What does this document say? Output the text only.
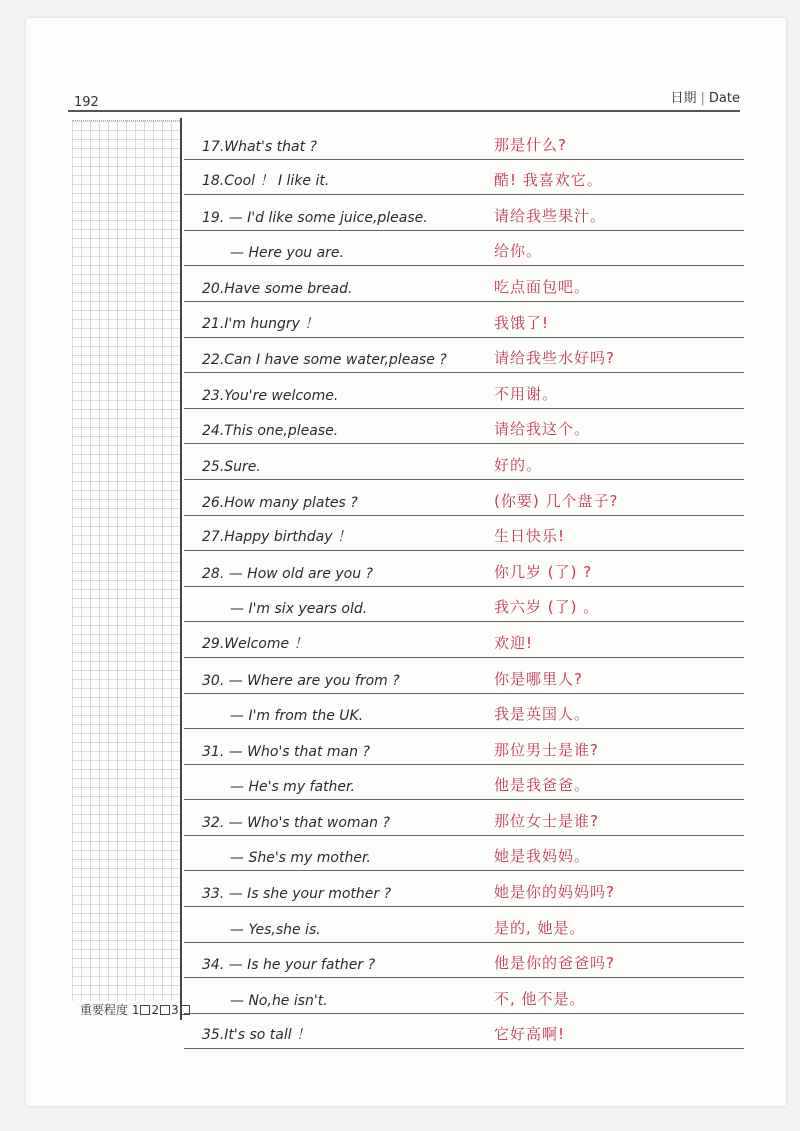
192	日期 | Date
重要程度 1 2 3
17.What's that ?	那是什么?
18.Cool ！ I like it.	酷! 我喜欢它。
19. — I'd like some juice,please.	请给我些果汁。
— Here you are.	给你。
20.Have some bread.	吃点面包吧。
21.I'm hungry ！	我饿了!
22.Can I have some water,please ?	请给我些水好吗?
23.You're welcome.	不用谢。
24.This one,please.	请给我这个。
25.Sure.	好的。
26.How many plates ?	(你要) 几个盘子?
27.Happy birthday ！	生日快乐!
28. — How old are you ?	你几岁 (了) ?
— I'm six years old.	我六岁 (了) 。
29.Welcome ！	欢迎!
30. — Where are you from ?	你是哪里人?
— I'm from the UK.	我是英国人。
31. — Who's that man ?	那位男士是谁?
— He's my father.	他是我爸爸。
32. — Who's that woman ?	那位女士是谁?
— She's my mother.	她是我妈妈。
33. — Is she your mother ?	她是你的妈妈吗?
— Yes,she is.	是的, 她是。
34. — Is he your father ?	他是你的爸爸吗?
— No,he isn't.	不, 他不是。
35.It's so tall ！	它好高啊!
